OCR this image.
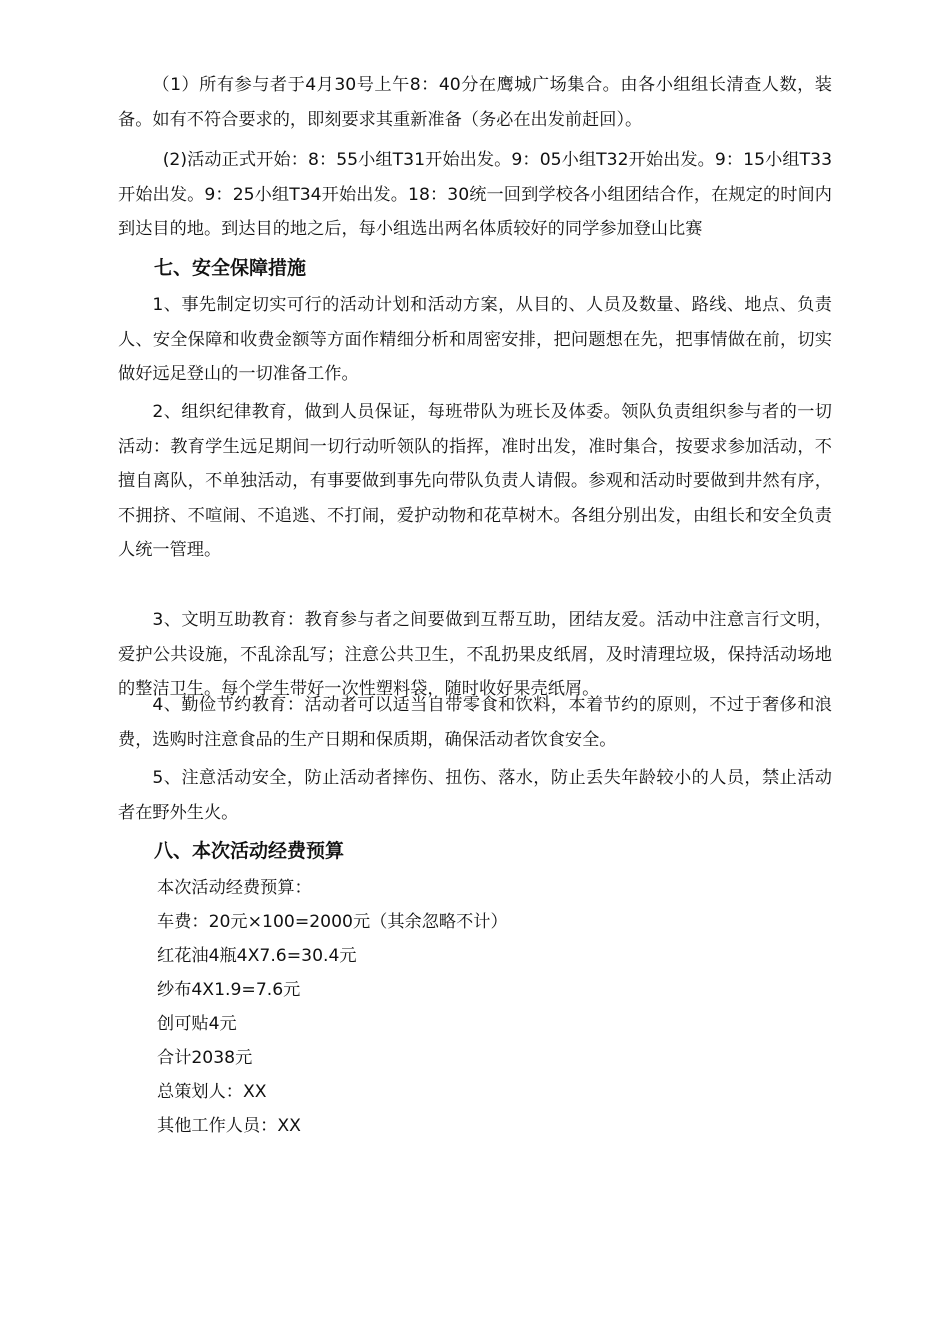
（1）所有参与者于4月30号上午8：40分在鹰城广场集合。由各小组组长清查人数，装备。如有不符合要求的，即刻要求其重新准备（务必在出发前赶回）。

(2)活动正式开始：8：55小组T31开始出发。9：05小组T32开始出发。9：15小组T33开始出发。9：25小组T34开始出发。18：30统一回到学校各小组团结合作，在规定的时间内到达目的地。到达目的地之后，每小组选出两名体质较好的同学参加登山比赛

七、安全保障措施

1、事先制定切实可行的活动计划和活动方案，从目的、人员及数量、路线、地点、负责人、安全保障和收费金额等方面作精细分析和周密安排，把问题想在先，把事情做在前，切实做好远足登山的一切准备工作。

2、组织纪律教育，做到人员保证，每班带队为班长及体委。领队负责组织参与者的一切活动：教育学生远足期间一切行动听领队的指挥，准时出发，准时集合，按要求参加活动，不擅自离队，不单独活动，有事要做到事先向带队负责人请假。参观和活动时要做到井然有序，不拥挤、不喧闹、不追逃、不打闹，爱护动物和花草树木。各组分别出发，由组长和安全负责人统一管理。

3、文明互助教育：教育参与者之间要做到互帮互助，团结友爱。活动中注意言行文明，爱护公共设施，不乱涂乱写；注意公共卫生，不乱扔果皮纸屑，及时清理垃圾，保持活动场地的整洁卫生。每个学生带好一次性塑料袋，随时收好果壳纸屑。

4、勤俭节约教育：活动者可以适当自带零食和饮料，本着节约的原则，不过于奢侈和浪费，选购时注意食品的生产日期和保质期，确保活动者饮食安全。

5、注意活动安全，防止活动者摔伤、扭伤、落水，防止丢失年龄较小的人员，禁止活动者在野外生火。

八、本次活动经费预算

本次活动经费预算：

车费：20元×100=2000元（其余忽略不计）

红花油4瓶4X7.6=30.4元

纱布4X1.9=7.6元

创可贴4元

合计2038元

总策划人：XX

其他工作人员：XX
